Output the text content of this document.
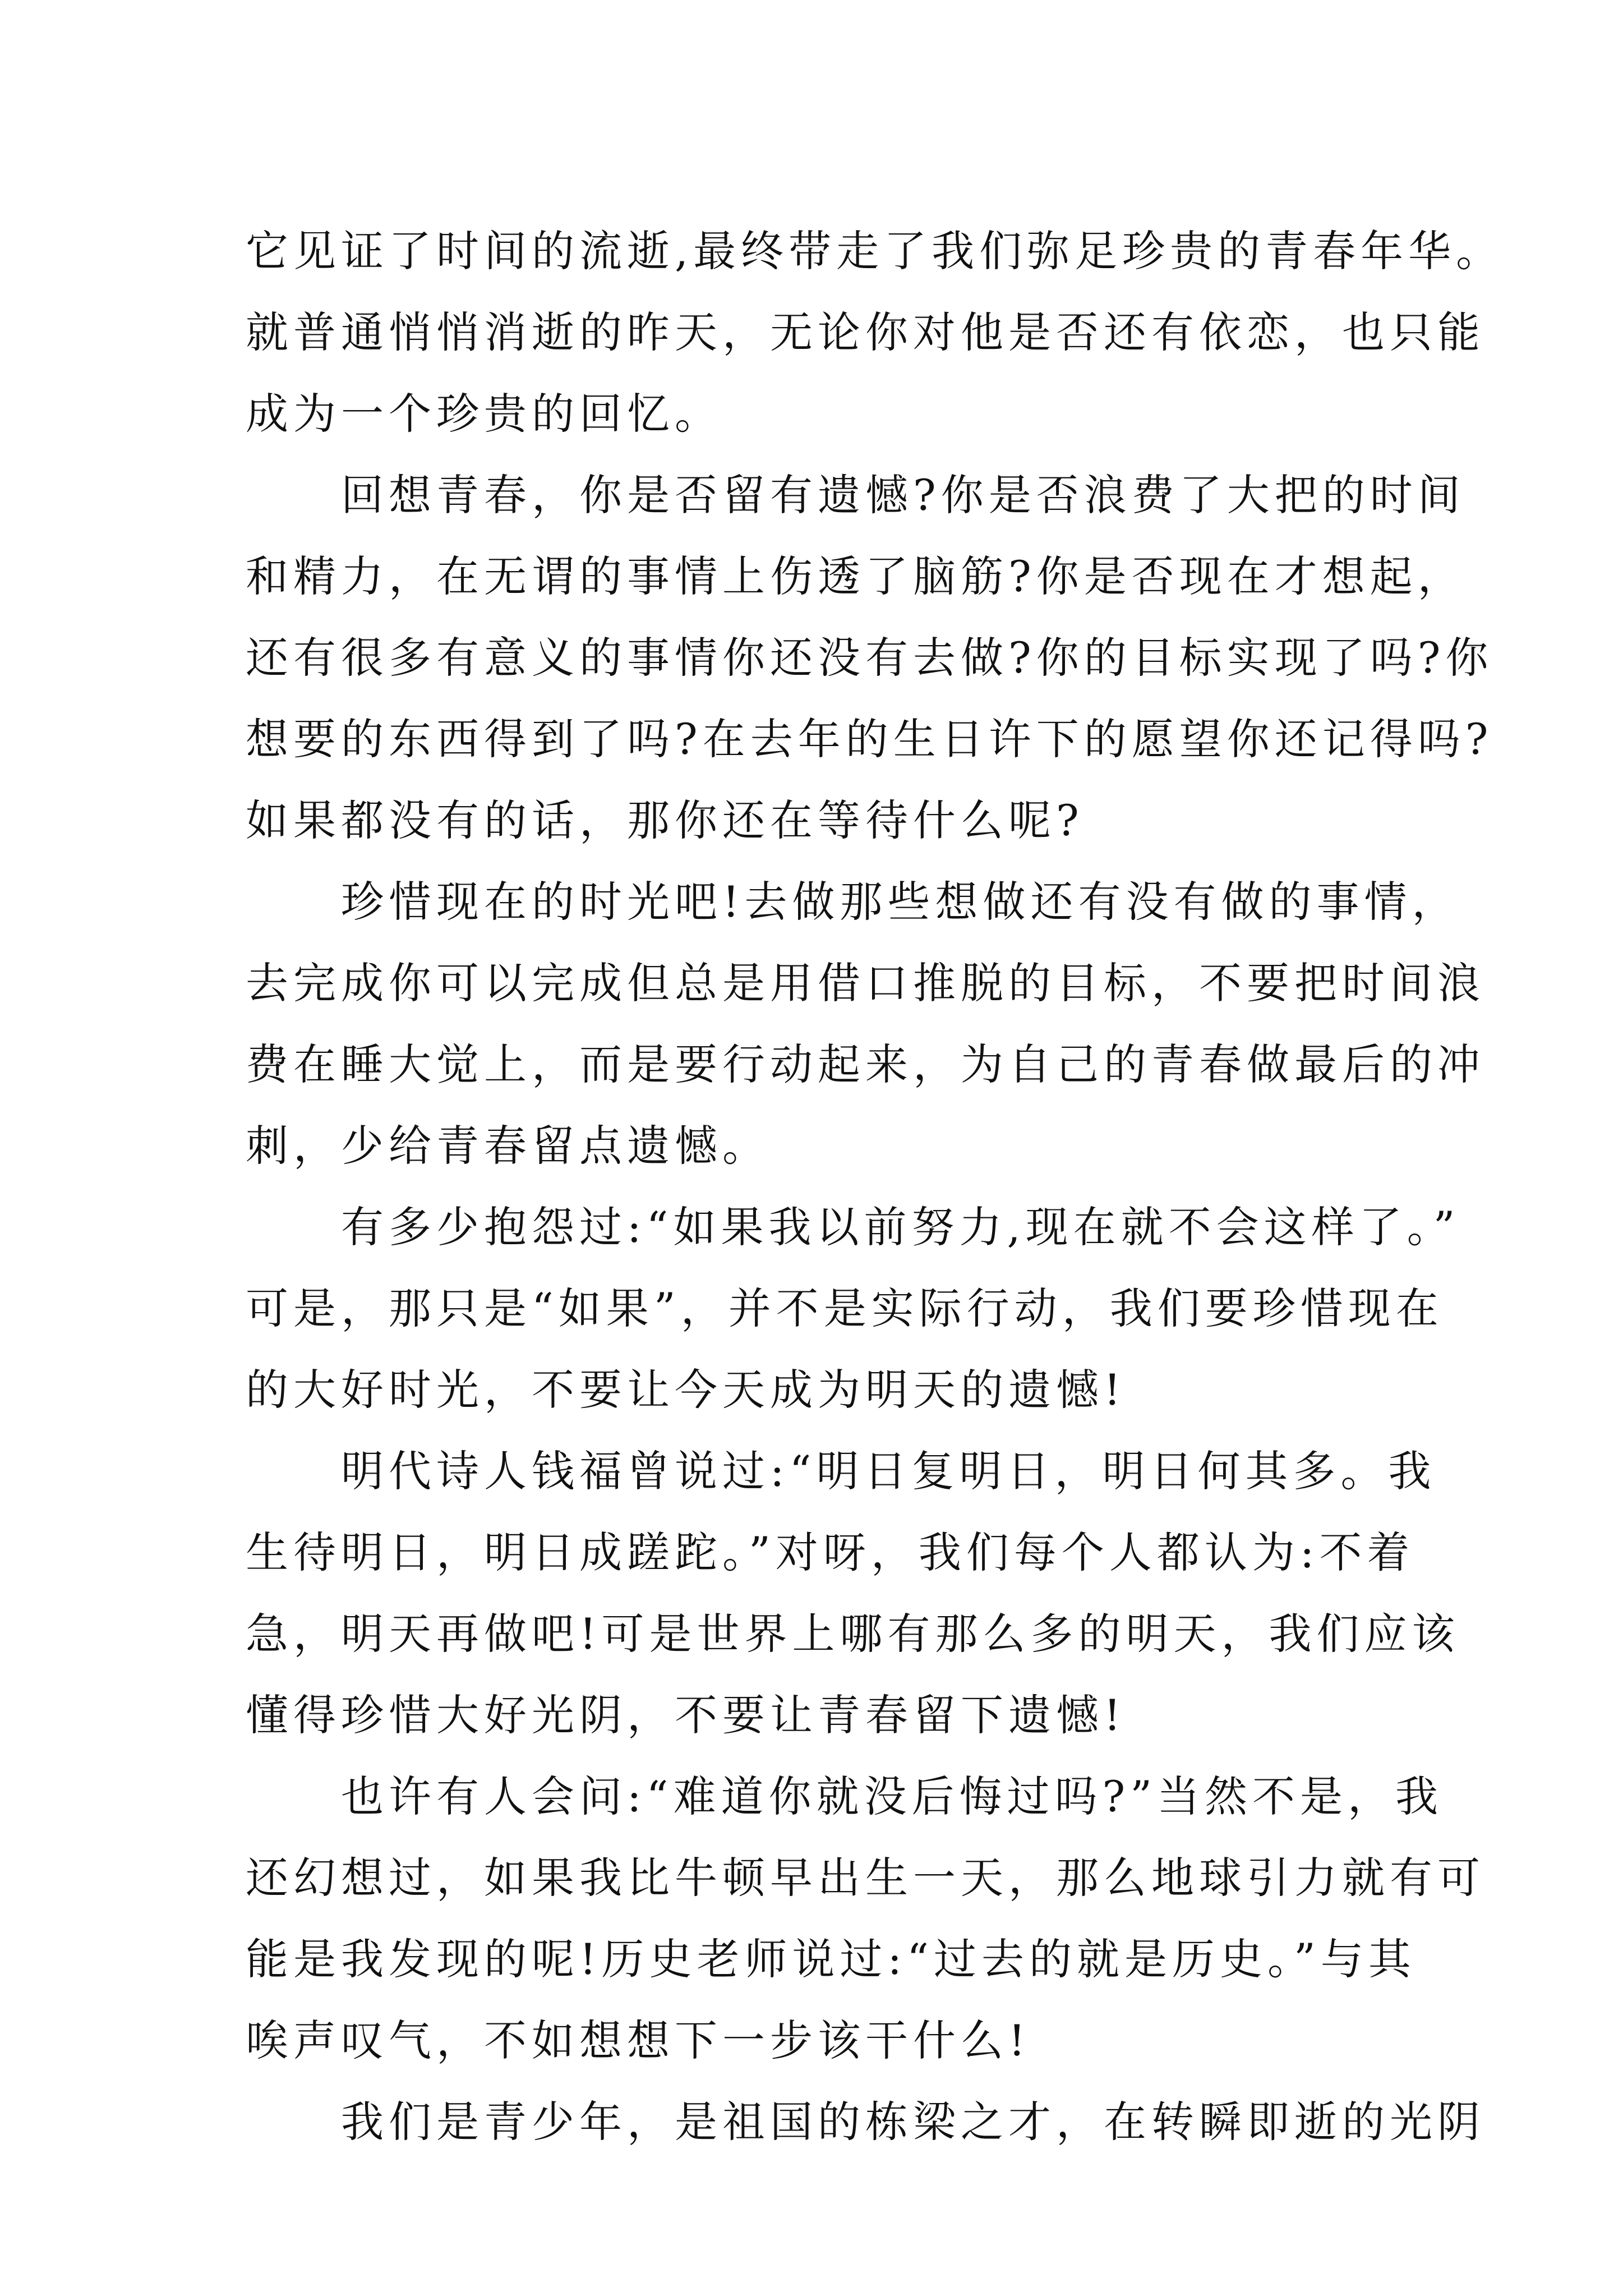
它见证了时间的流逝,最终带走了我们弥足珍贵的青春年华。
就普通悄悄消逝的昨天，无论你对他是否还有依恋，也只能
成为一个珍贵的回忆。
回想青春，你是否留有遗憾?你是否浪费了大把的时间
和精力，在无谓的事情上伤透了脑筋?你是否现在才想起，
还有很多有意义的事情你还没有去做?你的目标实现了吗?你
想要的东西得到了吗?在去年的生日许下的愿望你还记得吗?
如果都没有的话，那你还在等待什么呢?
珍惜现在的时光吧!去做那些想做还有没有做的事情，
去完成你可以完成但总是用借口推脱的目标，不要把时间浪
费在睡大觉上，而是要行动起来，为自己的青春做最后的冲
刺，少给青春留点遗憾。
有多少抱怨过:“如果我以前努力,现在就不会这样了。”
可是，那只是“如果”，并不是实际行动，我们要珍惜现在
的大好时光，不要让今天成为明天的遗憾!
明代诗人钱福曾说过:“明日复明日，明日何其多。我
生待明日，明日成蹉跎。”对呀，我们每个人都认为:不着
急，明天再做吧!可是世界上哪有那么多的明天，我们应该
懂得珍惜大好光阴，不要让青春留下遗憾!
也许有人会问:“难道你就没后悔过吗?”当然不是，我
还幻想过，如果我比牛顿早出生一天，那么地球引力就有可
能是我发现的呢!历史老师说过:“过去的就是历史。”与其
唉声叹气，不如想想下一步该干什么!
我们是青少年，是祖国的栋梁之才，在转瞬即逝的光阴
